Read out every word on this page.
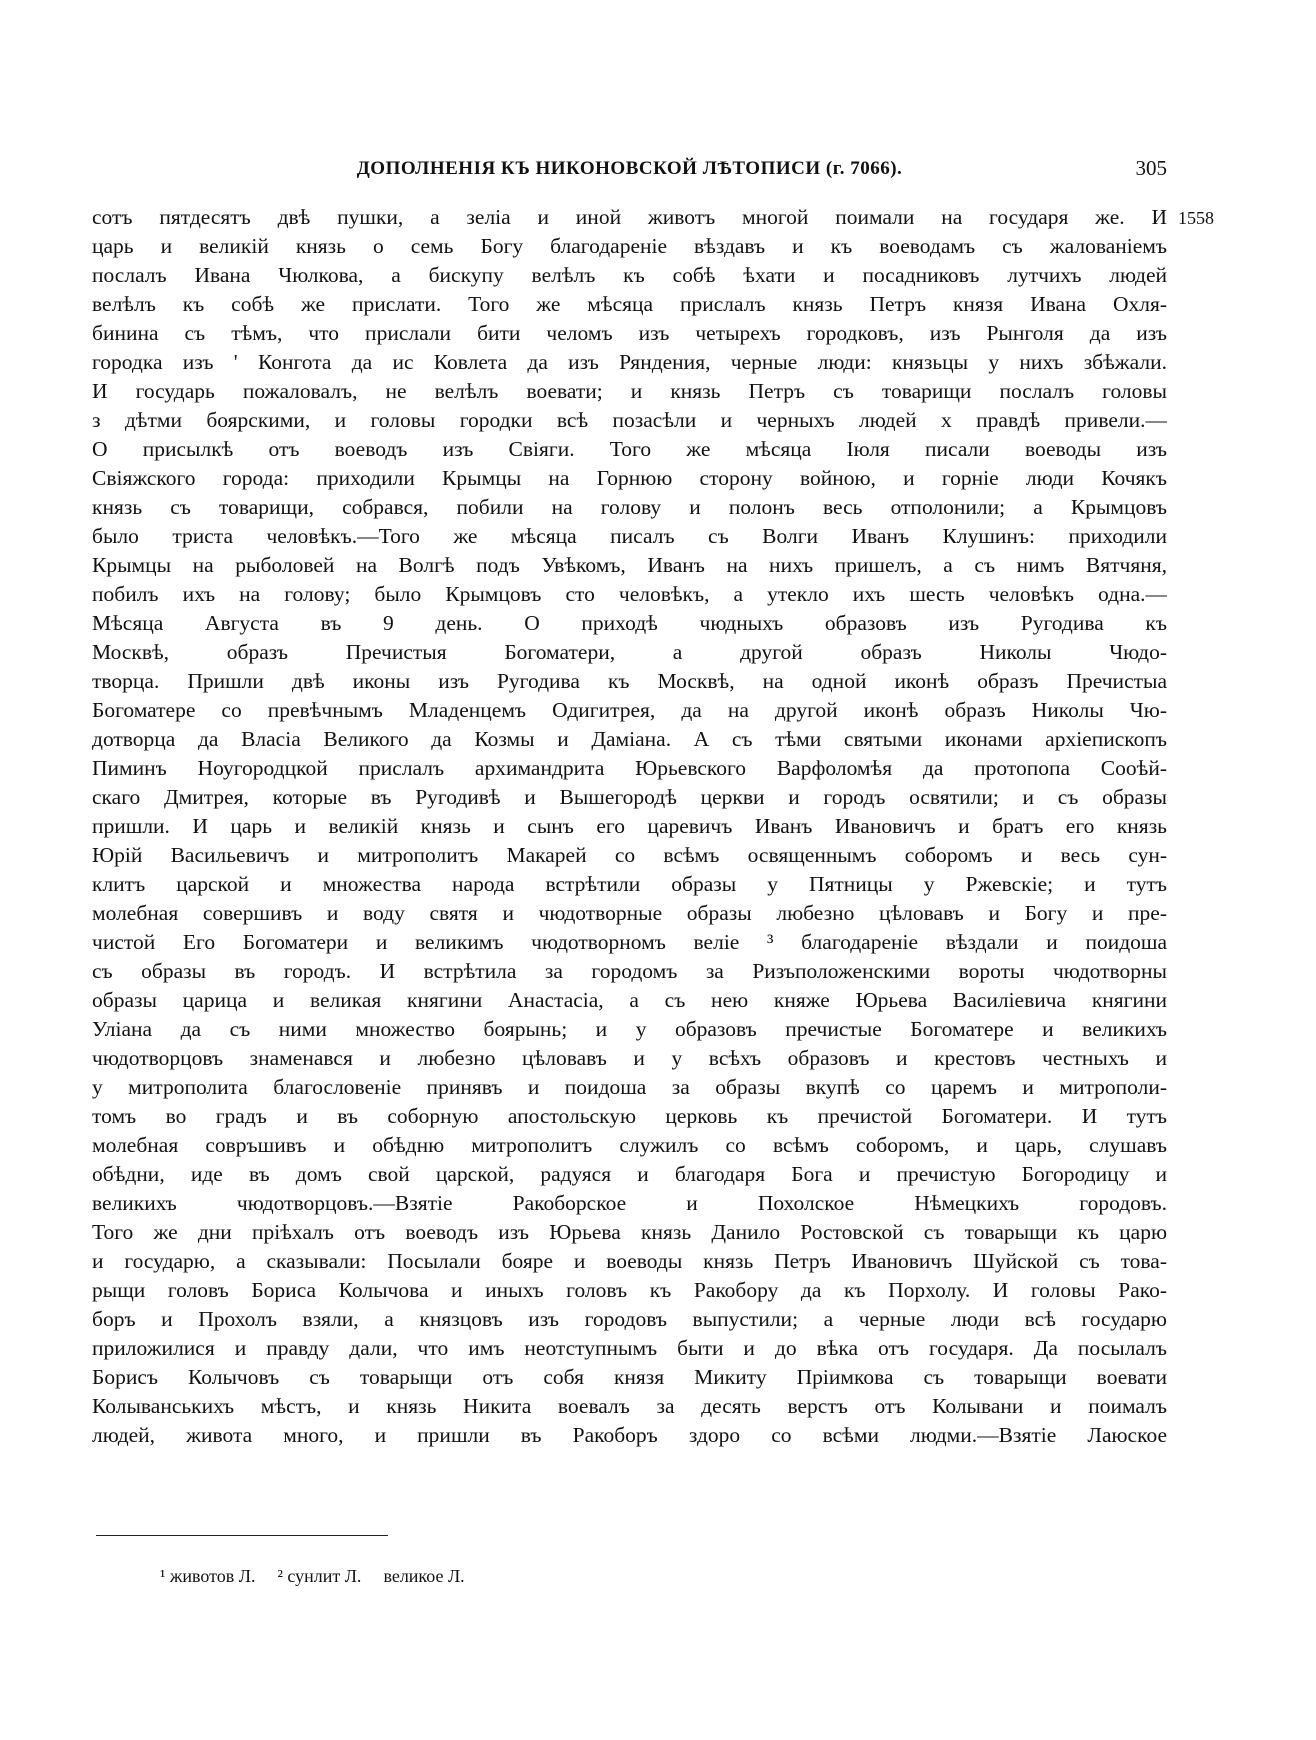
ДОПОЛНЕНІЯ КЪ НИКОНОВСКОЙ ЛѢТОПИСИ (г. 7066).	305
1558
сотъ пятдесятъ двѣ пушки, а зеліа и иной животъ многой поимали на государя же. И
царь и великій князь о семь Богу благодареніе вѣздавъ и къ воеводамъ съ жалованіемъ
послалъ Ивана Чюлкова, а бискупу велѣлъ къ собѣ ѣхати и посадниковъ лутчихъ людей
велѣлъ къ собѣ же прислати. Того же мѣсяца прислалъ князь Петръ князя Ивана Охля-
бинина съ тѣмъ, что прислали бити челомъ изъ четырехъ городковъ, изъ Рынголя да изъ
городка изъ ' Конгота да ис Ковлета да изъ Ряндения, черные люди: князьцы у нихъ збѣжали.
И государь пожаловалъ, не велѣлъ воевати; и князь Петръ съ товарищи послалъ головы
з дѣтми боярскими, и головы городки всѣ позасѣли и черныхъ людей х правдѣ привели.—
О присылкѣ отъ воеводъ изъ Свіяги. Того же мѣсяца Іюля писали воеводы изъ
Свіяжского города: приходили Крымцы на Горнюю сторону войною, и горніе люди Кочякъ
князь съ товарищи, собрався, побили на голову и полонъ весь отполонили; а Крымцовъ
было триста человѣкъ.—Того же мѣсяца писалъ съ Волги Иванъ Клушинъ: приходили
Крымцы на рыболовей на Волгѣ подъ Увѣкомъ, Иванъ на нихъ пришелъ, а съ нимъ Вятчяня,
побилъ ихъ на голову; было Крымцовъ сто человѣкъ, а утекло ихъ шесть человѣкъ одна.—
Мѣсяца Августа въ 9 день. О приходѣ чюдныхъ образовъ изъ Ругодива къ
Москвѣ, образъ Пречистыя Богоматери, а другой образъ Николы Чюдо-
творца. Пришли двѣ иконы изъ Ругодива къ Москвѣ, на одной иконѣ образъ Пречистыа
Богоматере со превѣчнымъ Младенцемъ Одигитрея, да на другой иконѣ образъ Николы Чю-
дотворца да Власіа Великого да Козмы и Даміана. А съ тѣми святыми иконами архіепископъ
Пиминъ Ноугородцкой прислалъ архимандрита Юрьевского Варфоломѣя да протопопа Сооѣй-
скаго Дмитрея, которые въ Ругодивѣ и Вышегородѣ церкви и городъ освятили; и съ образы
пришли. И царь и великій князь и сынъ его царевичъ Иванъ Ивановичъ и братъ его князь
Юрій Васильевичъ и митрополитъ Макарей со всѣмъ освященнымъ соборомъ и весь сун-
клитъ царской и множества народа встрѣтили образы у Пятницы у Ржевскіе; и тутъ
молебная совершивъ и воду святя и чюдотворные образы любезно цѣловавъ и Богу и пре-
чистой Его Богоматери и великимъ чюдотворномъ веліе ³ благодареніе вѣздали и поидоша
съ образы въ городъ. И встрѣтила за городомъ за Ризъположенскими вороты чюдотворны
образы царица и великая княгини Анастасіа, а съ нею княже Юрьева Василіевича княгини
Уліана да съ ними множество боярынь; и у образовъ пречистые Богоматере и великихъ
чюдотворцовъ знаменався и любезно цѣловавъ и у всѣхъ образовъ и крестовъ честныхъ и
у митрополита благословеніе принявъ и поидоша за образы вкупѣ со царемъ и митрополи-
томъ во градъ и въ соборную апостольскую церковь къ пречистой Богоматери. И тутъ
молебная совръшивъ и обѣдню митрополитъ служилъ со всѣмъ соборомъ, и царь, слушавъ
обѣдни, иде въ домъ свой царской, радуяся и благодаря Бога и пречистую Богородицу и
великихъ чюдотворцовъ.—Взятіе Ракоборское и Похолское Нѣмецкихъ городовъ.
Того же дни пріѣхалъ отъ воеводъ изъ Юрьева князь Данило Ростовской съ товарыщи къ царю
и государю, а сказывали: Посылали бояре и воеводы князь Петръ Ивановичъ Шуйской съ това-
рыщи головъ Бориса Колычова и иныхъ головъ къ Ракобору да къ Порхолу. И головы Рако-
боръ и Прохолъ взяли, а князцовъ изъ городовъ выпустили; а черные люди всѣ государю
приложилися и правду дали, что имъ неотступнымъ быти и до вѣка отъ государя. Да посылалъ
Борисъ Колычовъ съ товарыщи отъ собя князя Микиту Пріимкова съ товарыщи воевати
Колыванськихъ мѣстъ, и князь Никита воевалъ за десять верстъ отъ Колывани и поималъ
людей, живота много, и пришли въ Ракоборъ здоро со всѣми людми.—Взятіе Лаюское
¹ животов Л. ² сунлит Л. великое Л.
